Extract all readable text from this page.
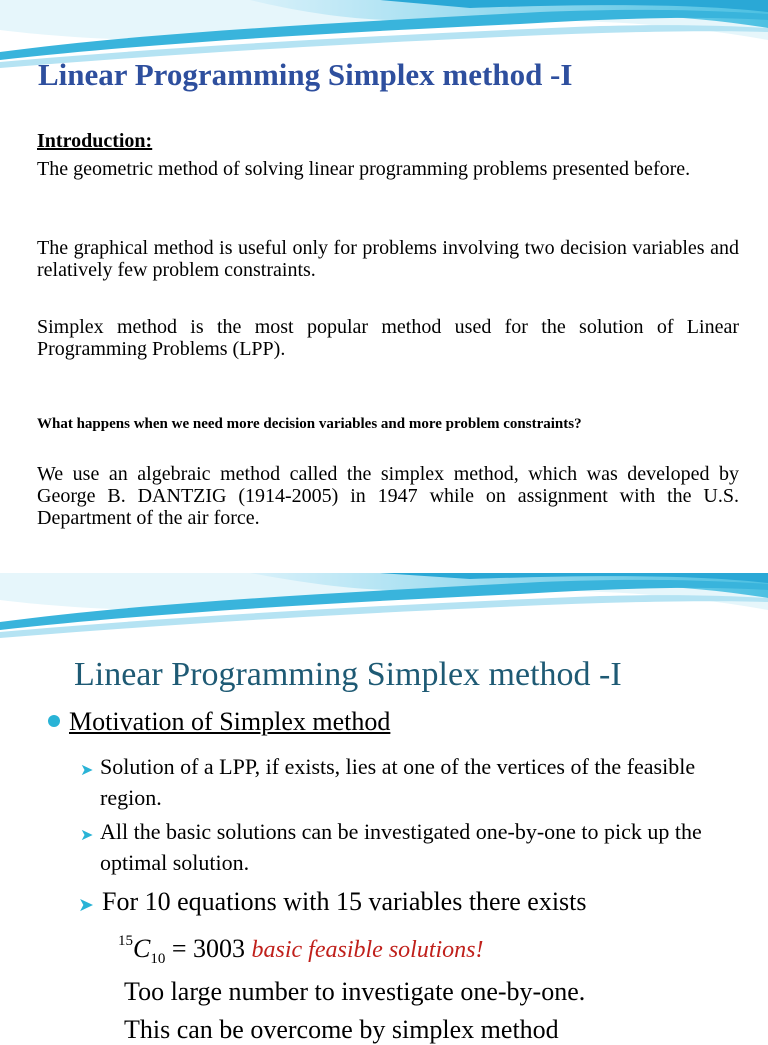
Linear Programming Simplex method -I

Introduction:

The geometric method of solving linear programming problems presented before.

The graphical method is useful only for problems involving two decision variables and relatively few problem constraints.

Simplex method is the most popular method used for the solution of Linear Programming Problems (LPP).

What happens when we need more decision variables and more problem constraints?

We use an algebraic method called the simplex method, which was developed by George B. DANTZIG (1914-2005) in 1947 while on assignment with the U.S. Department of the air force.

Linear Programming Simplex method -I

Motivation of Simplex method

➤ Solution of a LPP, if exists, lies at one of the vertices of the feasible region.

➤ All the basic solutions can be investigated one-by-one to pick up the optimal solution.

➤ For 10 equations with 15 variables there exists

$^{15}C_{10} = 3003$ basic feasible solutions!

Too large number to investigate one-by-one.

This can be overcome by simplex method
